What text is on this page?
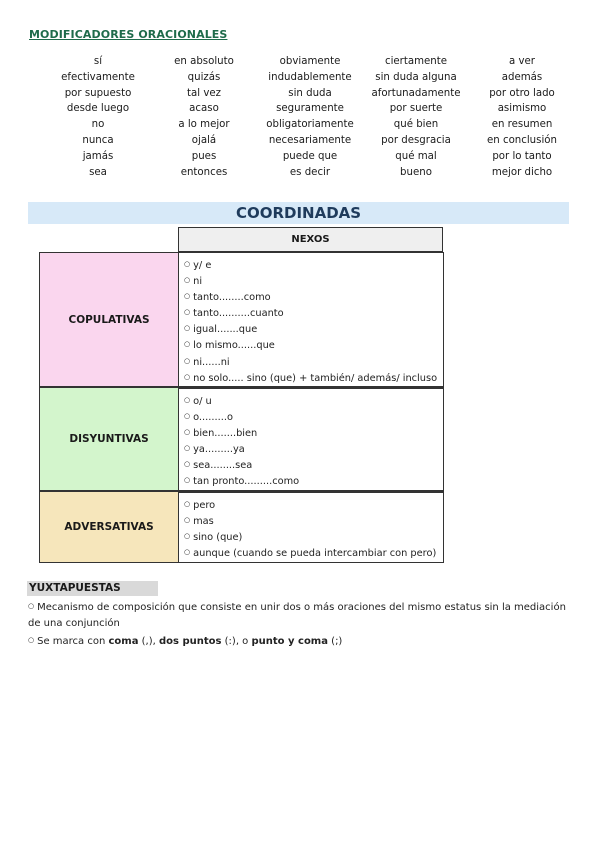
MODIFICADORES ORACIONALES
sí	en absoluto	obviamente	ciertamente	a ver
efectivamente	quizás	indudablemente	sin duda alguna	además
por supuesto	tal vez	sin duda	afortunadamente	por otro lado
desde luego	acaso	seguramente	por suerte	asimismo
no	a lo mejor	obligatoriamente	qué bien	en resumen
nunca	ojalá	necesariamente	por desgracia	en conclusión
jamás	pues	puede que	qué mal	por lo tanto
sea	entonces	es decir	bueno	mejor dicho
COORDINADAS
NEXOS
COPULATIVAS
○ y/ e
○ ni
○ tanto........como
○ tanto..........cuanto
○ igual.......que
○ lo mismo......que
○ ni......ni
○ no solo..... sino (que) + también/ además/ incluso
DISYUNTIVAS
○ o/ u
○ o.........o
○ bien.......bien
○ ya.........ya
○ sea........sea
○ tan pronto.........como
ADVERSATIVAS
○ pero
○ mas
○ sino (que)
○ aunque (cuando se pueda intercambiar con pero)
YUXTAPUESTAS
○ Mecanismo de composición que consiste en unir dos o más oraciones del mismo estatus sin la mediación de una conjunción
○ Se marca con coma (,), dos puntos (:), o punto y coma (;)
